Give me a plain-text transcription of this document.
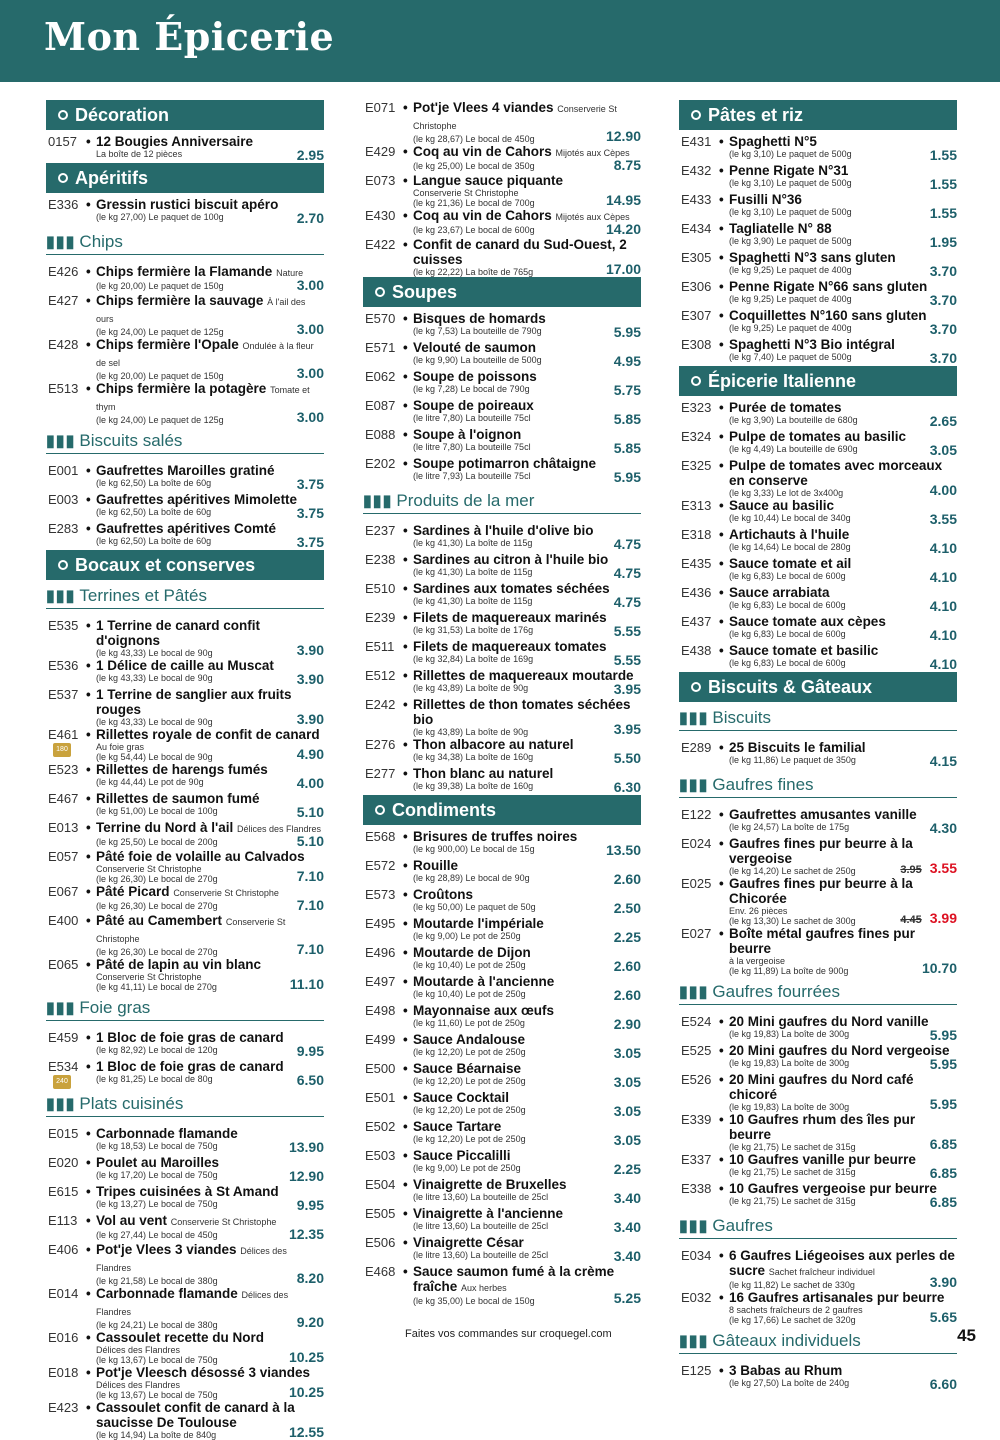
Mon Épicerie
Décoration
0157 • 12 Bougies Anniversaire
La boîte de 12 pièces	2.95
Apéritifs
E336 • Gressin rustici biscuit apéro
(le kg 27,00) Le paquet de 100g	2.70
▮▮▮ Chips
E426 • Chips fermière la Flamande Nature
(le kg 20,00) Le paquet de 150g	3.00
E427 • Chips fermière la sauvage À l'ail des ours
(le kg 24,00) Le paquet de 125g	3.00
E428 • Chips fermière l'Opale Ondulée à la fleur de sel
(le kg 20,00) Le paquet de 150g	3.00
E513 • Chips fermière la potagère Tomate et thym
(le kg 24,00) Le paquet de 125g	3.00
▮▮▮ Biscuits salés
E001 • Gaufrettes Maroilles gratiné
(le kg 62,50) La boîte de 60g	3.75
E003 • Gaufrettes apéritives Mimolette
(le kg 62,50) La boîte de 60g	3.75
E283 • Gaufrettes apéritives Comté
(le kg 62,50) La boîte de 60g	3.75
Bocaux et conserves
▮▮▮ Terrines et Pâtés
E535 • 1 Terrine de canard confit d'oignons
(le kg 43,33) Le bocal de 90g	3.90
E536 • 1 Délice de caille au Muscat
(le kg 43,33) Le bocal de 90g	3.90
E537 • 1 Terrine de sanglier aux fruits rouges
(le kg 43,33) Le bocal de 90g	3.90
E461
180
• Rillettes royale de confit de canard
Au foie gras
(le kg 54,44) Le bocal de 90g	4.90
E523 • Rillettes de harengs fumés
(le kg 44,44) Le pot de 90g	4.00
E467 • Rillettes de saumon fumé
(le kg 51,00) Le bocal de 100g	5.10
E013 • Terrine du Nord à l'ail Délices des Flandres
(le kg 25,50) Le bocal de 200g	5.10
E057 • Pâté foie de volaille au Calvados
Conserverie St Christophe
(le kg 26,30) Le bocal de 270g	7.10
E067 • Pâté Picard Conserverie St Christophe
(le kg 26,30) Le bocal de 270g	7.10
E400 • Pâté au Camembert Conserverie St Christophe
(le kg 26,30) Le bocal de 270g	7.10
E065 • Pâté de lapin au vin blanc
Conserverie St Christophe
(le kg 41,11) Le bocal de 270g	11.10
▮▮▮ Foie gras
E459 • 1 Bloc de foie gras de canard
(le kg 82,92) Le bocal de 120g	9.95
E534
240
• 1 Bloc de foie gras de canard
(le kg 81,25) Le bocal de 80g	6.50
▮▮▮ Plats cuisinés
E015 • Carbonnade flamande
(le kg 18,53) Le bocal de 750g	13.90
E020 • Poulet au Maroilles
(le kg 17,20) Le bocal de 750g	12.90
E615 • Tripes cuisinées à St Amand
(le kg 13,27) Le bocal de 750g	9.95
E113 • Vol au vent Conserverie St Christophe
(le kg 27,44) Le bocal de 450g	12.35
E406 • Pot'je Vlees 3 viandes Délices des Flandres
(le kg 21,58) Le bocal de 380g	8.20
E014 • Carbonnade flamande Délices des Flandres
(le kg 24,21) Le bocal de 380g	9.20
E016 • Cassoulet recette du Nord
Délices des Flandres
(le kg 13,67) Le bocal de 750g	10.25
E018 • Pot'je Vleesch désossé 3 viandes
Délices des Flandres
(le kg 13,67) Le bocal de 750g	10.25
E423 • Cassoulet confit de canard à la saucisse De Toulouse
(le kg 14,94) La boîte de 840g	12.55
E071 • Pot'je Vlees 4 viandes Conserverie St Christophe
(le kg 28,67) Le bocal de 450g	12.90
E429 • Coq au vin de Cahors Mijotés aux Cèpes
(le kg 25,00) Le bocal de 350g	8.75
E073 • Langue sauce piquante
Conserverie St Christophe
(le kg 21,36) Le bocal de 700g	14.95
E430 • Coq au vin de Cahors Mijotés aux Cèpes
(le kg 23,67) Le bocal de 600g	14.20
E422 • Confit de canard du Sud-Ouest, 2 cuisses
(le kg 22,22) La boîte de 765g	17.00
Soupes
E570 • Bisques de homards
(le kg 7,53) La bouteille de 790g	5.95
E571 • Velouté de saumon
(le kg 9,90) La bouteille de 500g	4.95
E062 • Soupe de poissons
(le kg 7,28) Le bocal de 790g	5.75
E087 • Soupe de poireaux
(le litre 7,80) La bouteille 75cl	5.85
E088 • Soupe à l'oignon
(le litre 7,80) La bouteille 75cl	5.85
E202 • Soupe potimarron châtaigne
(le litre 7,93) La bouteille 75cl	5.95
▮▮▮ Produits de la mer
E237 • Sardines à l'huile d'olive bio
(le kg 41,30) La boîte de 115g	4.75
E238 • Sardines au citron à l'huile bio
(le kg 41,30) La boîte de 115g	4.75
E510 • Sardines aux tomates séchées
(le kg 41,30) La boîte de 115g	4.75
E239 • Filets de maquereaux marinés
(le kg 31,53) La boîte de 176g	5.55
E511 • Filets de maquereaux tomates
(le kg 32,84) La boîte de 169g	5.55
E512 • Rillettes de maquereaux moutarde
(le kg 43,89) La boîte de 90g	3.95
E242 • Rillettes de thon tomates séchées bio
(le kg 43,89) La boîte de 90g	3.95
E276 • Thon albacore au naturel
(le kg 34,38) La boîte de 160g	5.50
E277 • Thon blanc au naturel
(le kg 39,38) La boîte de 160g	6.30
Condiments
E568 • Brisures de truffes noires
(le kg 900,00) Le bocal de 15g	13.50
E572 • Rouille
(le kg 28,89) Le bocal de 90g	2.60
E573 • Croûtons
(le kg 50,00) Le paquet de 50g	2.50
E495 • Moutarde l'impériale
(le kg 9,00) Le pot de 250g	2.25
E496 • Moutarde de Dijon
(le kg 10,40) Le pot de 250g	2.60
E497 • Moutarde à l'ancienne
(le kg 10,40) Le pot de 250g	2.60
E498 • Mayonnaise aux œufs
(le kg 11,60) Le pot de 250g	2.90
E499 • Sauce Andalouse
(le kg 12,20) Le pot de 250g	3.05
E500 • Sauce Béarnaise
(le kg 12,20) Le pot de 250g	3.05
E501 • Sauce Cocktail
(le kg 12,20) Le pot de 250g	3.05
E502 • Sauce Tartare
(le kg 12,20) Le pot de 250g	3.05
E503 • Sauce Piccalilli
(le kg 9,00) Le pot de 250g	2.25
E504 • Vinaigrette de Bruxelles
(le litre 13,60) La bouteille de 25cl	3.40
E505 • Vinaigrette à l'ancienne
(le litre 13,60) La bouteille de 25cl	3.40
E506 • Vinaigrette César
(le litre 13,60) La bouteille de 25cl	3.40
E468 • Sauce saumon fumé à la crème fraîche Aux herbes
(le kg 35,00) Le bocal de 150g	5.25
Pâtes et riz
E431 • Spaghetti N°5
(le kg 3,10) Le paquet de 500g	1.55
E432 • Penne Rigate N°31
(le kg 3,10) Le paquet de 500g	1.55
E433 • Fusilli N°36
(le kg 3,10) Le paquet de 500g	1.55
E434 • Tagliatelle N° 88
(le kg 3,90) Le paquet de 500g	1.95
E305 • Spaghetti N°3 sans gluten
(le kg 9,25) Le paquet de 400g	3.70
E306 • Penne Rigate N°66 sans gluten
(le kg 9,25) Le paquet de 400g	3.70
E307 • Coquillettes N°160 sans gluten
(le kg 9,25) Le paquet de 400g	3.70
E308 • Spaghetti N°3 Bio intégral
(le kg 7,40) Le paquet de 500g	3.70
Épicerie Italienne
E323 • Purée de tomates
(le kg 3,90) La bouteille de 680g	2.65
E324 • Pulpe de tomates au basilic
(le kg 4,49) La bouteille de 690g	3.05
E325 • Pulpe de tomates avec morceaux en conserve
(le kg 3,33) Le lot de 3x400g	4.00
E313 • Sauce au basilic
(le kg 10,44) Le bocal de 340g	3.55
E318 • Artichauts à l'huile
(le kg 14,64) Le bocal de 280g	4.10
E435 • Sauce tomate et ail
(le kg 6,83) Le bocal de 600g	4.10
E436 • Sauce arrabiata
(le kg 6,83) Le bocal de 600g	4.10
E437 • Sauce tomate aux cèpes
(le kg 6,83) Le bocal de 600g	4.10
E438 • Sauce tomate et basilic
(le kg 6,83) Le bocal de 600g	4.10
Biscuits & Gâteaux
▮▮▮ Biscuits
E289 • 25 Biscuits le familial
(le kg 11,86) Le paquet de 350g	4.15
▮▮▮ Gaufres fines
E122 • Gaufrettes amusantes vanille
(le kg 24,57) La boîte de 175g	4.30
E024 • Gaufres fines pur beurre à la vergeoise
(le kg 14,20) Le sachet de 250g	3.95 3.55
E025 • Gaufres fines pur beurre à la Chicorée
Env. 26 pièces
(le kg 13,30) Le sachet de 300g	4.45 3.99
E027 • Boîte métal gaufres fines pur beurre
à la vergeoise
(le kg 11,89) La boîte de 900g	10.70
▮▮▮ Gaufres fourrées
E524 • 20 Mini gaufres du Nord vanille
(le kg 19,83) La boîte de 300g	5.95
E525 • 20 Mini gaufres du Nord vergeoise
(le kg 19,83) La boîte de 300g	5.95
E526 • 20 Mini gaufres du Nord café chicoré
(le kg 19,83) La boîte de 300g	5.95
E339 • 10 Gaufres rhum des îles pur beurre
(le kg 21,75) Le sachet de 315g	6.85
E337 • 10 Gaufres vanille pur beurre
(le kg 21,75) Le sachet de 315g	6.85
E338 • 10 Gaufres vergeoise pur beurre
(le kg 21,75) Le sachet de 315g	6.85
▮▮▮ Gaufres
E034 • 6 Gaufres Liégeoises aux perles de sucre Sachet fraîcheur individuel
(le kg 11,82) Le sachet de 330g	3.90
E032 • 16 Gaufres artisanales pur beurre
8 sachets fraîcheurs de 2 gaufres
(le kg 17,66) Le sachet de 320g	5.65
▮▮▮ Gâteaux individuels
E125 • 3 Babas au Rhum
(le kg 27,50) La boîte de 240g	6.60
Faites vos commandes sur croquegel.com	45
